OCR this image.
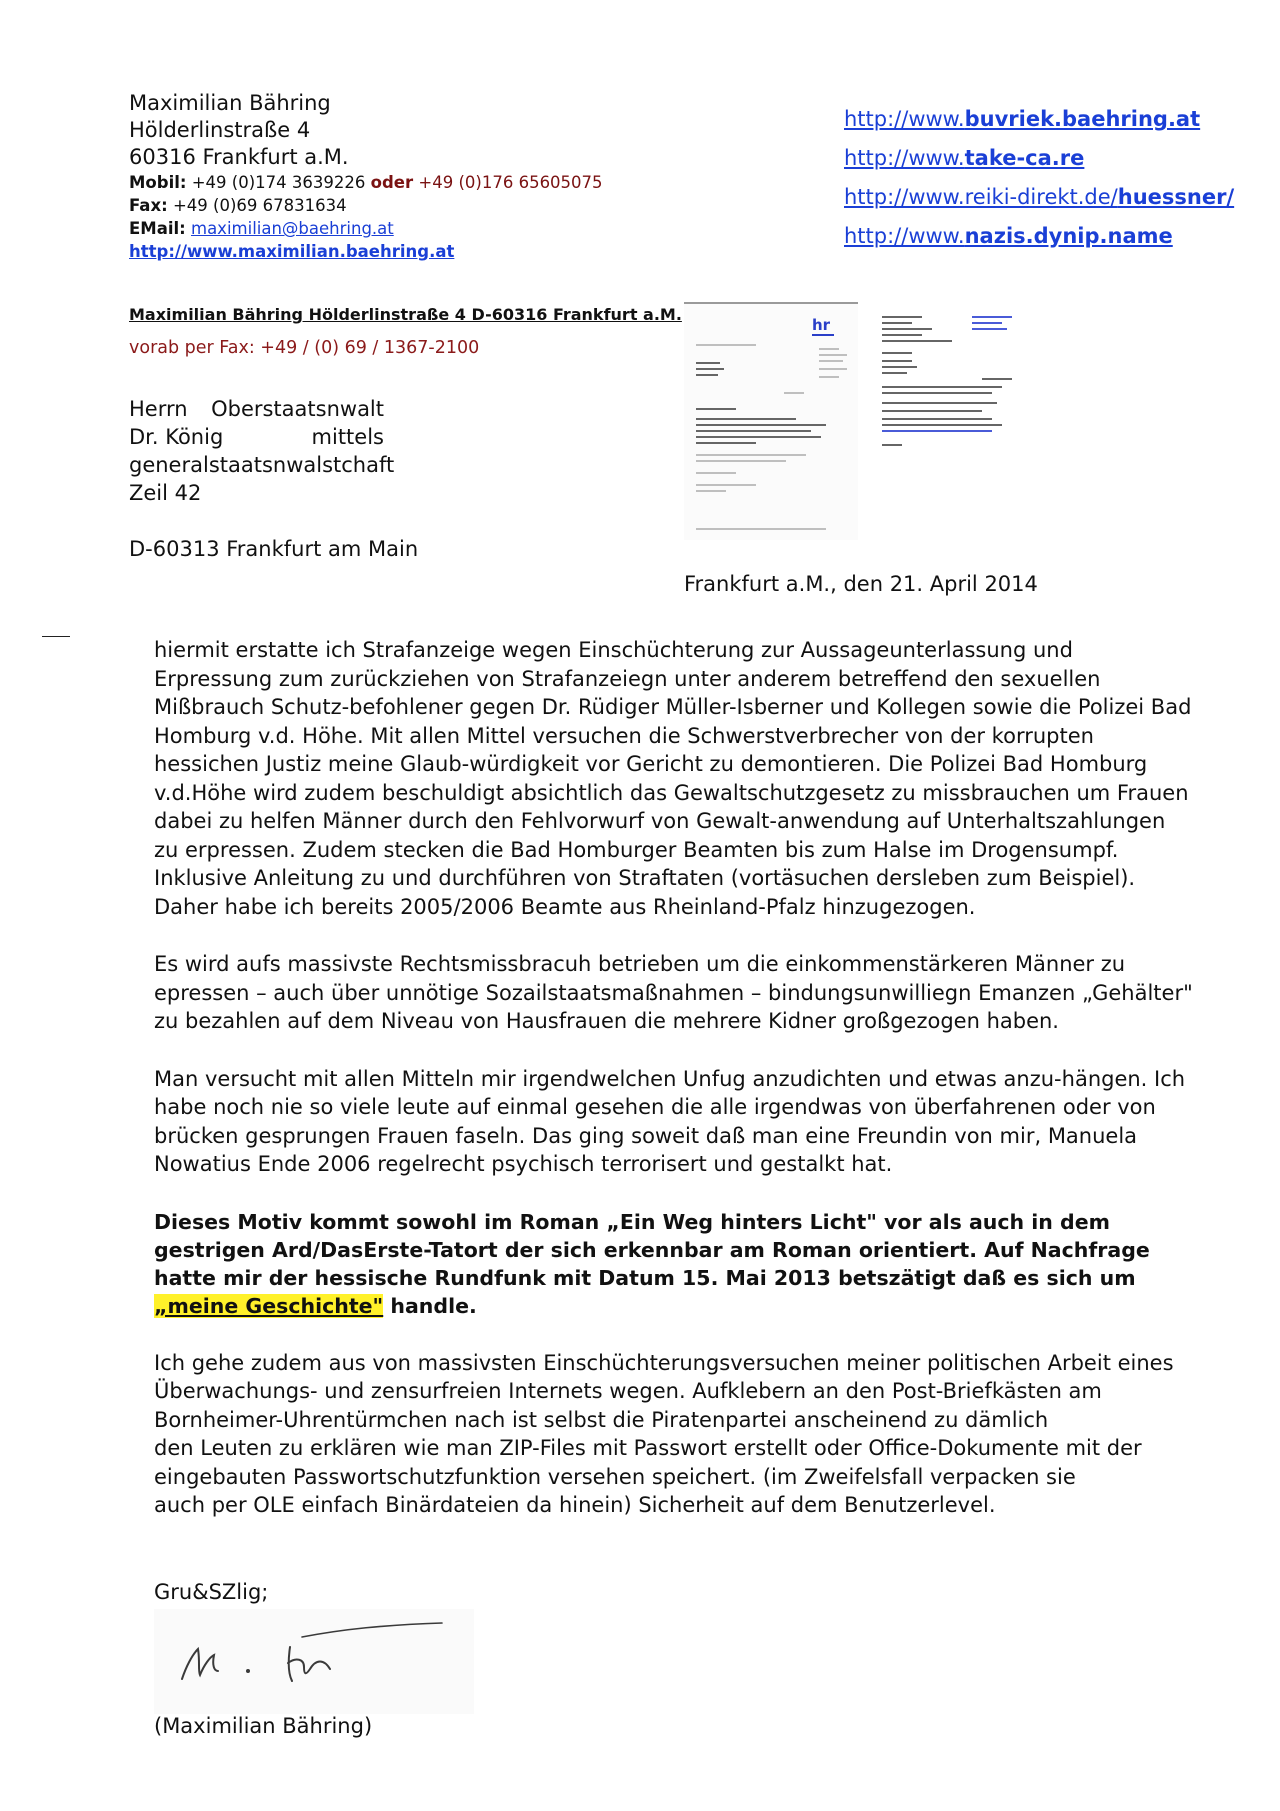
Maximilian Bähring
Hölderlinstraße 4
60316 Frankfurt a.M.
Mobil: +49 (0)174 3639226 oder +49 (0)176 65605075
Fax: +49 (0)69 67831634
EMail: maximilian@baehring.at
http://www.maximilian.baehring.at
http://www.buvriek.baehring.at
http://www.take-ca.re
http://www.reiki-direkt.de/huessner/
http://www.nazis.dynip.name
Maximilian Bähring Hölderlinstraße 4 D-60316 Frankfurt a.M.
vorab per Fax: +49 / (0) 69 / 1367-2100
Herrn Oberstaatsnwalt
Dr. König	mittels
generalstaatsnwalstchaft
Zeil 42
D-60313 Frankfurt am Main
Frankfurt a.M., den 21. April 2014
hr

hiermit erstatte ich Strafanzeige wegen Einschüchterung zur Aussageunterlassung und Erpressung zum zurückziehen von Strafanzeiegn unter anderem betreffend den sexuellen Mißbrauch Schutz-befohlener gegen Dr. Rüdiger Müller-Isberner und Kollegen sowie die Polizei Bad Homburg v.d. Höhe. Mit allen Mittel versuchen die Schwerstverbrecher von der korrupten hessichen Justiz meine Glaub-würdigkeit vor Gericht zu demontieren. Die Polizei Bad Homburg v.d.Höhe wird zudem beschuldigt absichtlich das Gewaltschutzgesetz zu missbrauchen um Frauen dabei zu helfen Männer durch den Fehlvorwurf von Gewalt-anwendung auf Unterhaltszahlungen zu erpressen. Zudem stecken die Bad Homburger Beamten bis zum Halse im Drogensumpf. Inklusive Anleitung zu und durchführen von Straftaten (vortäsuchen dersleben zum Beispiel). Daher habe ich bereits 2005/2006 Beamte aus Rheinland-Pfalz hinzugezogen.

Es wird aufs massivste Rechtsmissbracuh betrieben um die einkommenstärkeren Männer zu epressen – auch über unnötige Sozailstaatsmaßnahmen – bindungsunwilliegn Emanzen „Gehälter" zu bezahlen auf dem Niveau von Hausfrauen die mehrere Kidner großgezogen haben.

Man versucht mit allen Mitteln mir irgendwelchen Unfug anzudichten und etwas anzu-hängen. Ich habe noch nie so viele leute auf einmal gesehen die alle irgendwas von überfahrenen oder von brücken gesprungen Frauen faseln. Das ging soweit daß man eine Freundin von mir, Manuela Nowatius Ende 2006 regelrecht psychisch terrorisert und gestalkt hat.

Dieses Motiv kommt sowohl im Roman „Ein Weg hinters Licht" vor als auch in dem
gestrigen Ard/DasErste-Tatort der sich erkennbar am Roman orientiert. Auf Nachfrage
hatte mir der hessische Rundfunk mit Datum 15. Mai 2013 betszätigt daß es sich um
„meine Geschichte" handle.

Ich gehe zudem aus von massivsten Einschüchterungsversuchen meiner politischen Arbeit eines
Überwachungs- und zensurfreien Internets wegen. Aufklebern an den Post-Briefkästen am
Bornheimer-Uhrentürmchen nach ist selbst die Piratenpartei anscheinend zu dämlich
den Leuten zu erklären wie man ZIP-Files mit Passwort erstellt oder Office-Dokumente mit der
eingebauten Passwortschutzfunktion versehen speichert. (im Zweifelsfall verpacken sie
auch per OLE einfach Binärdateien da hinein) Sicherheit auf dem Benutzerlevel.

Gru&SZlig;
(Maximilian Bähring)
